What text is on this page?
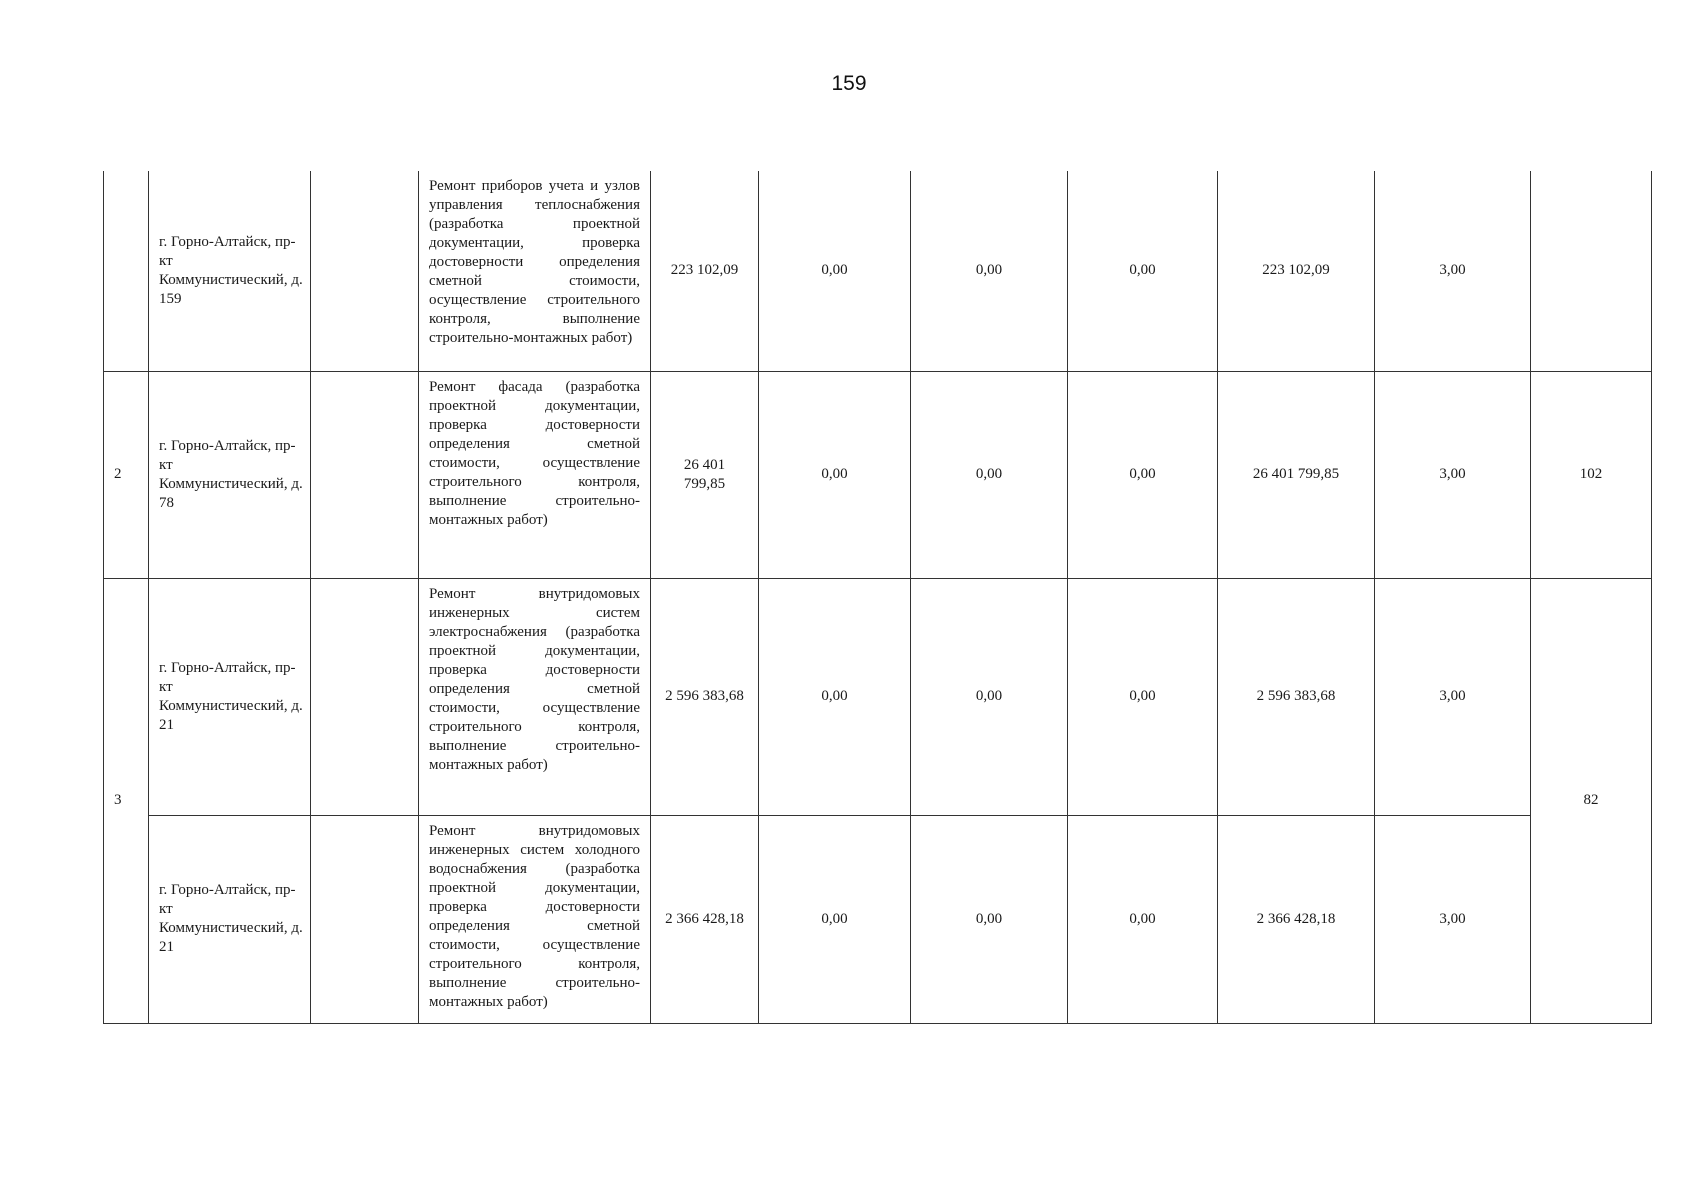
159
	г. Горно-Алтайск, пр-кт Коммунистический, д. 159		Ремонт приборов учета и узлов управления теплоснабжения (разработка проектной документации, проверка достоверности определения сметной стоимости, осуществление строительного контроля, выполнение строительно-монтажных работ)	223 102,09	0,00	0,00	0,00	223 102,09	3,00	
2	г. Горно-Алтайск, пр-кт Коммунистический, д. 78		Ремонт фасада (разработка проектной документации, проверка достоверности определения сметной стоимости, осуществление строительного контроля, выполнение строительно-монтажных работ)	26 401 799,85	0,00	0,00	0,00	26 401 799,85	3,00	102
3	г. Горно-Алтайск, пр-кт Коммунистический, д. 21		Ремонт внутридомовых инженерных систем электроснабжения (разработка проектной документации, проверка достоверности определения сметной стоимости, осуществление строительного контроля, выполнение строительно-монтажных работ)	2 596 383,68	0,00	0,00	0,00	2 596 383,68	3,00	82
	г. Горно-Алтайск, пр-кт Коммунистический, д. 21		Ремонт внутридомовых инженерных систем холодного водоснабжения (разработка проектной документации, проверка достоверности определения сметной стоимости, осуществление строительного контроля, выполнение строительно-монтажных работ)	2 366 428,18	0,00	0,00	0,00	2 366 428,18	3,00	
